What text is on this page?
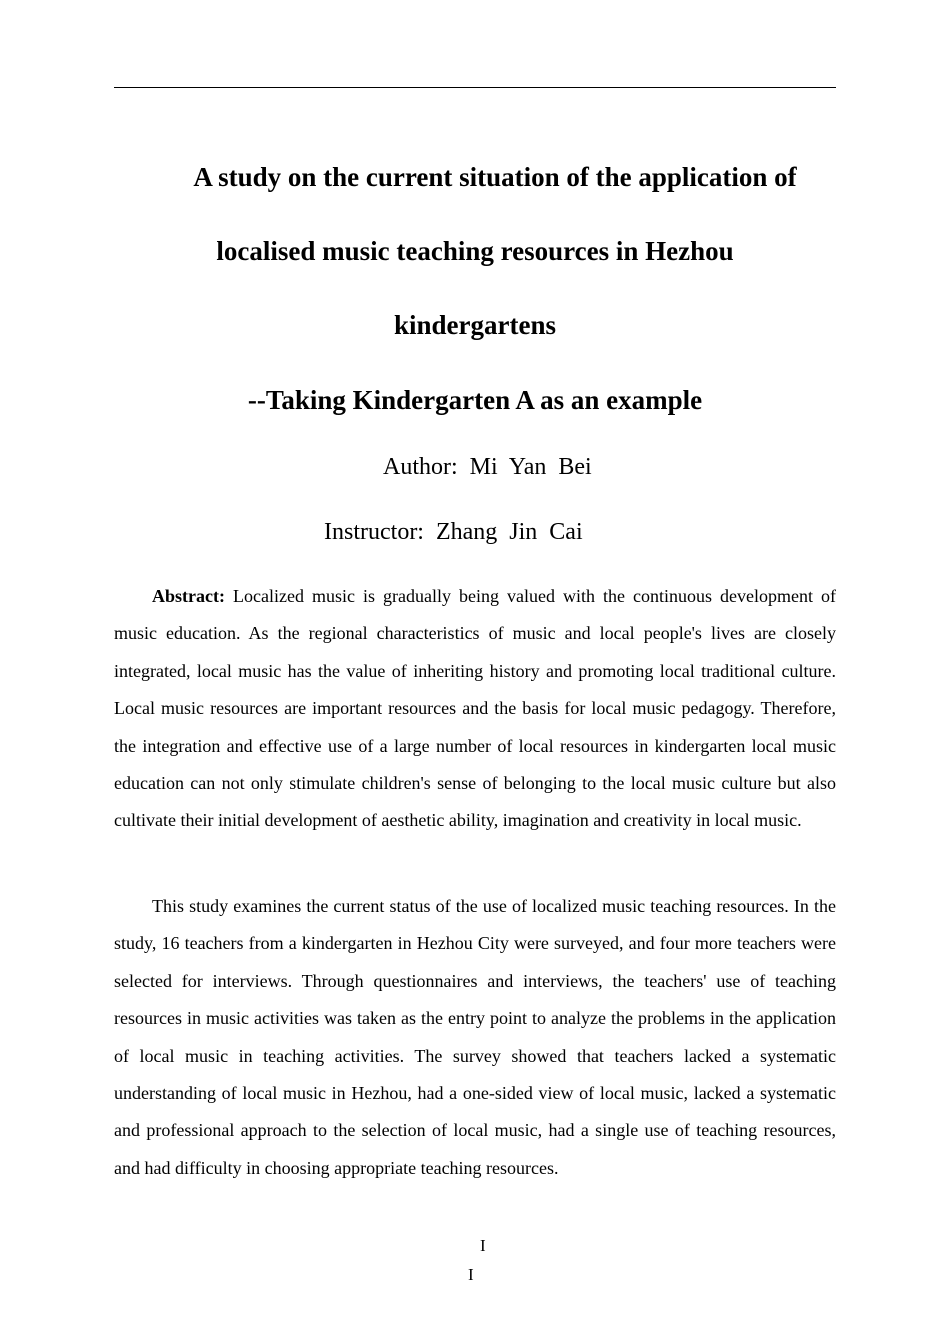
A study on the current situation of the application of
localised music teaching resources in Hezhou
kindergartens
--Taking Kindergarten A as an example
Author:  Mi  Yan  Bei
Instructor:  Zhang  Jin  Cai

Abstract: Localized music is gradually being valued with the continuous development of music education. As the regional characteristics of music and local people's lives are closely integrated, local music has the value of inheriting history and promoting local traditional culture. Local music resources are important resources and the basis for local music pedagogy. Therefore, the integration and effective use of a large number of local resources in kindergarten local music education can not only stimulate children's sense of belonging to the local music culture but also cultivate their initial development of aesthetic ability, imagination and creativity in local music.

This study examines the current status of the use of localized music teaching resources. In the study, 16 teachers from a kindergarten in Hezhou City were surveyed, and four more teachers were selected for interviews. Through questionnaires and interviews, the teachers' use of teaching resources in music activities was taken as the entry point to analyze the problems in the application of local music in teaching activities. The survey showed that teachers lacked a systematic understanding of local music in Hezhou, had a one-sided view of local music, lacked a systematic and professional approach to the selection of local music, had a single use of teaching resources, and had difficulty in choosing appropriate teaching resources.

I
I
